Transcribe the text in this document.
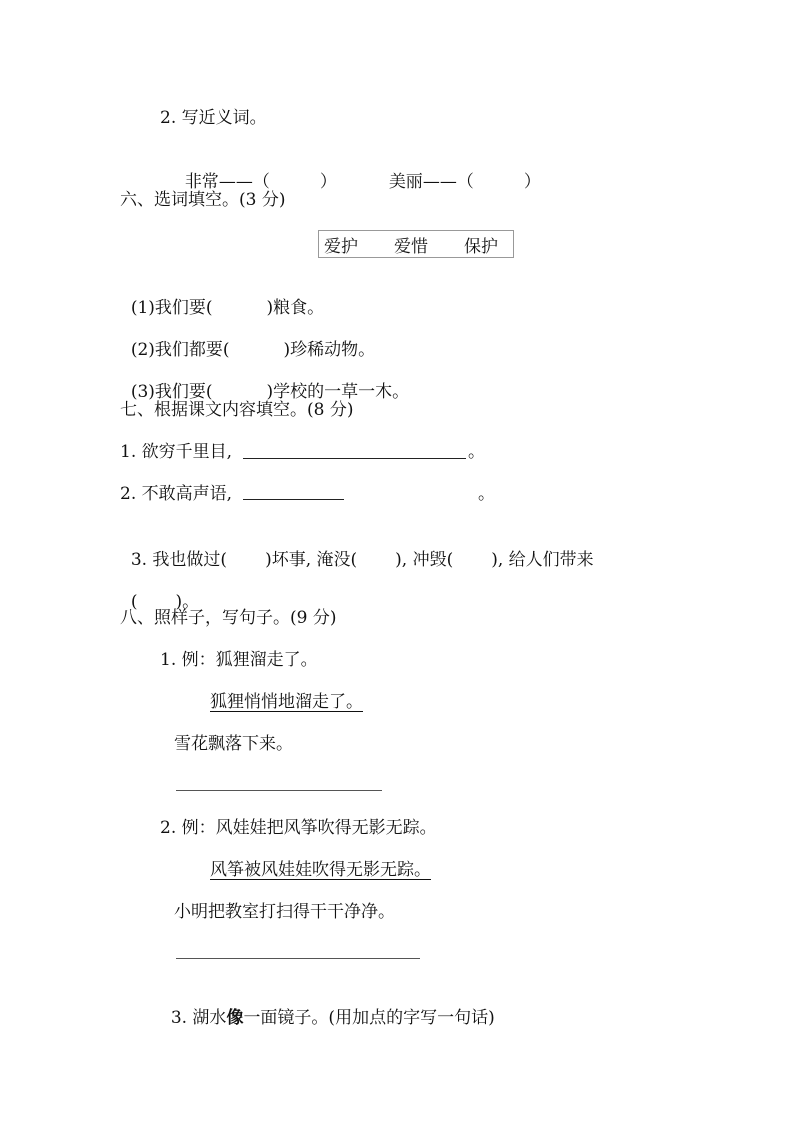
2. 写近义词。

非常——（	）	美丽——（	）

六、选词填空。(3 分)
爱护 爱惜 保护

(1)我们要(	)粮食。

(2)我们都要(	)珍稀动物。

(3)我们要(	)学校的一草一木。

七、根据课文内容填空。(8 分)
1. 欲穷千里目,	。
2. 不敢高声语,	。

3. 我也做过( )坏事, 淹没( ), 冲毁( ), 给人们带来

( )。

八、照样子，写句子。(9 分)
1. 例：狐狸溜走了。
狐狸悄悄地溜走了。
雪花飘落下来。
2. 例：风娃娃把风筝吹得无影无踪。
风筝被风娃娃吹得无影无踪。
小明把教室打扫得干干净净。

3. 湖水像一面镜子。(用加点的字写一句话)
